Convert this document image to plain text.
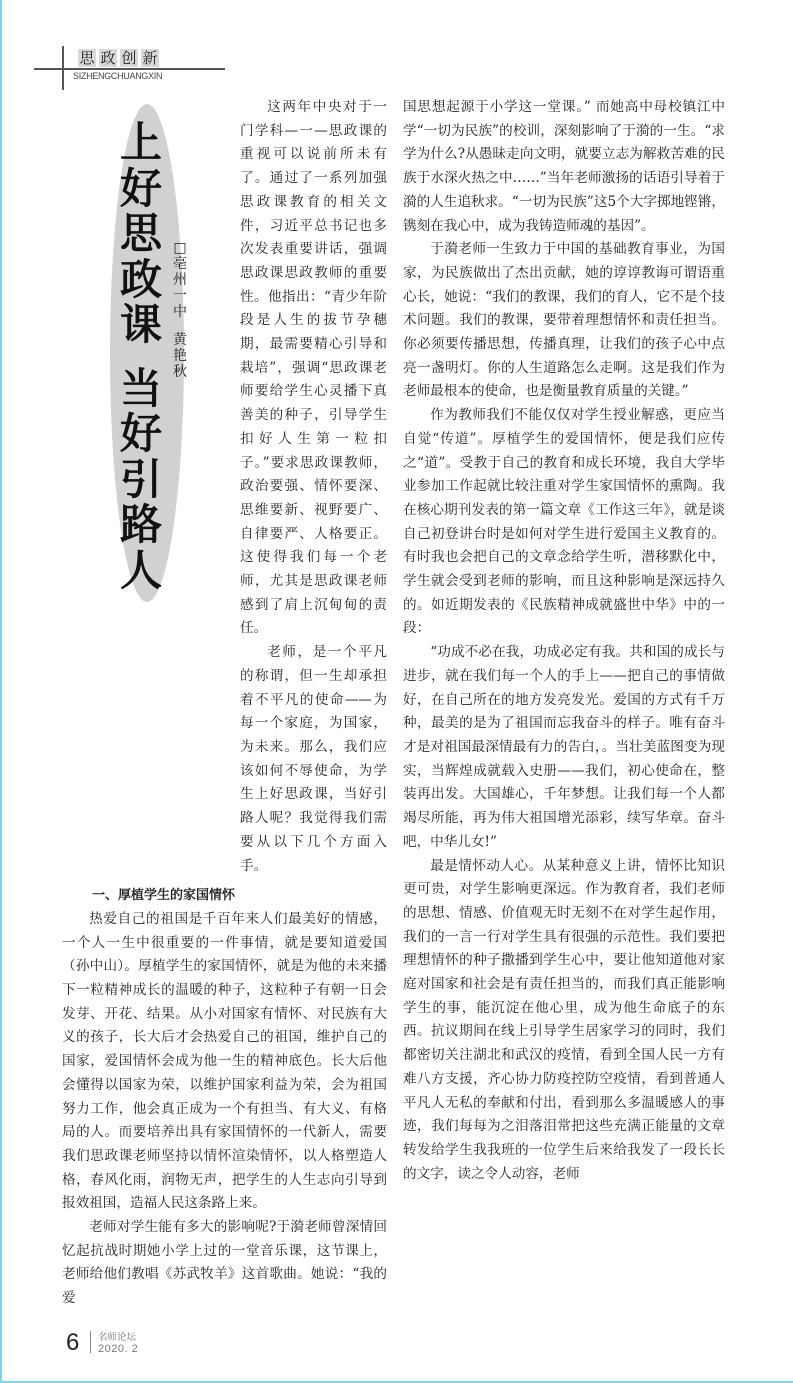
思 政 创 新
SIZHENGCHUANGXIN
上
好
思
政
课
当
好
引
路
人
□
亳
州
一
中
黄
艳
秋

这两年中央对于一门学科—一—思政课的重视可以说前所未有了。通过了一系列加强思政课教育的相关文件，习近平总书记也多次发表重要讲话，强调思政课思政教师的重要性。他指出：“青少年阶段是人生的拔节孕穗期，最需要精心引导和栽培”，强调“思政课老师要给学生心灵播下真善美的种子，引导学生扣好人生第一粒扣子。”要求思政课教师，政治要强、情怀要深、思维要新、视野要广、自律要严、人格要正。这使得我们每一个老师，尤其是思政课老师感到了肩上沉甸甸的责任。

老师，是一个平凡的称谓，但一生却承担着不平凡的使命——为每一个家庭，为国家，为未来。那么，我们应该如何不辱使命，为学生上好思政课，当好引路人呢？我觉得我们需要从以下几个方面入手。

一、厚植学生的家国情怀

热爱自己的祖国是千百年来人们最美好的情感，一个人一生中很重要的一件事情，就是要知道爱国（孙中山）。厚植学生的家国情怀，就是为他的未来播下一粒精神成长的温暖的种子，这粒种子有朝一日会发芽、开花、结果。从小对国家有情怀、对民族有大义的孩子，长大后才会热爱自己的祖国，维护自己的国家，爱国情怀会成为他一生的精神底色。长大后他会懂得以国家为荣，以维护国家利益为荣，会为祖国努力工作，他会真正成为一个有担当、有大义、有格局的人。而要培养出具有家国情怀的一代新人，需要我们思政课老师坚持以情怀渲染情怀，以人格塑造人格，春风化雨，润物无声，把学生的人生志向引导到报效祖国，造福人民这条路上来。

老师对学生能有多大的影响呢?于漪老师曾深情回忆起抗战时期她小学上过的一堂音乐课，这节课上，老师给他们教唱《苏武牧羊》这首歌曲。她说：“我的爱

国思想起源于小学这一堂课。” 而她高中母校镇江中学“一切为民族”的校训，深刻影响了于漪的一生。“求学为什么?从愚昧走向文明，就要立志为解救苦难的民族于水深火热之中……”当年老师激扬的话语引导着于漪的人生追秋求。“一切为民族”这5个大字掷地铿锵，镌刻在我心中，成为我铸造师魂的基因”。

于漪老师一生致力于中国的基础教育事业，为国家，为民族做出了杰出贡献，她的谆谆教诲可谓语重心长，她说：“我们的教课，我们的育人，它不是个技术问题。我们的教课，要带着理想情怀和责任担当。你必须要传播思想，传播真理，让我们的孩子心中点亮一盏明灯。你的人生道路怎么走啊。这是我们作为老师最根本的使命，也是衡量教育质量的关键。”

作为教师我们不能仅仅对学生授业解惑，更应当自觉“传道”。厚植学生的爱国情怀，便是我们应传之“道”。受教于自己的教育和成长环境，我自大学毕业参加工作起就比较注重对学生家国情怀的熏陶。我在核心期刊发表的第一篇文章《工作这三年》，就是谈自己初登讲台时是如何对学生进行爱国主义教育的。有时我也会把自己的文章念给学生听，潜移默化中，学生就会受到老师的影响，而且这种影响是深远持久的。如近期发表的《民族精神成就盛世中华》中的一段：

“功成不必在我，功成必定有我。共和国的成长与进步，就在我们每一个人的手上——把自己的事情做好，在自己所在的地方发亮发光。爱国的方式有千万种，最美的是为了祖国而忘我奋斗的样子。唯有奋斗才是对祖国最深情最有力的告白，。当壮美蓝图变为现实，当辉煌成就载入史册——我们，初心使命在，整装再出发。大国雄心，千年梦想。让我们每一个人都竭尽所能，再为伟大祖国增光添彩，续写华章。奋斗吧，中华儿女!”

最是情怀动人心。从某种意义上讲，情怀比知识更可贵，对学生影响更深远。作为教育者，我们老师的思想、情感、价值观无时无刻不在对学生起作用，我们的一言一行对学生具有很强的示范性。我们要把理想情怀的种子撒播到学生心中，要让他知道他对家庭对国家和社会是有责任担当的，而我们真正能影响学生的事，能沉淀在他心里，成为他生命底子的东西。抗议期间在线上引导学生居家学习的同时，我们都密切关注湖北和武汉的疫情，看到全国人民一方有难八方支援，齐心协力防疫控防空疫情，看到普通人平凡人无私的奉献和付出，看到那么多温暖感人的事迹，我们每每为之泪落泪常把这些充满正能量的文章转发给学生我我班的一位学生后来给我发了一段长长的文字，读之令人动容，老师

6 名师论坛
2020. 2
